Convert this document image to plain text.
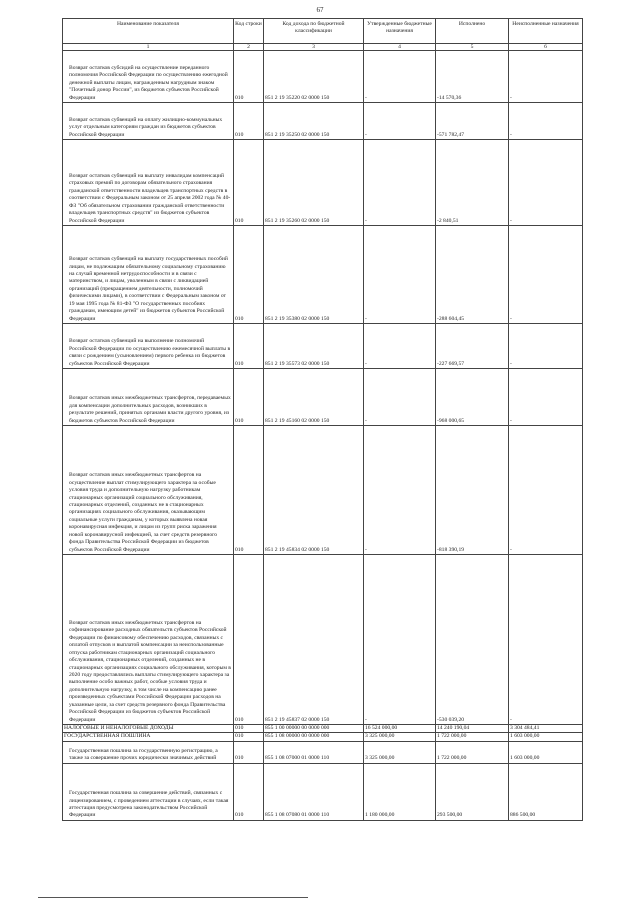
67
Наименование показателя	Код строки	Код дохода по бюджетной классификации	Утвержденные бюджетные назначения	Исполнено	Неисполненные назначения
1	2	3	4	5	6
Возврат остатков субсидий на осуществление переданного полномочия Российской Федерации по осуществлению ежегодной денежной выплаты лицам, награжденным нагрудным знаком "Почетный донор России", из бюджетов субъектов Российской Федерации	010	851 2 19 35220 02 0000 150	-	-14 570,36	-
Возврат остатков субвенций на оплату жилищно-коммунальных услуг отдельным категориям граждан из бюджетов субъектов Российской Федерации	010	851 2 19 35250 02 0000 150	-	-571 782,47	-
Возврат остатков субвенций на выплату инвалидам компенсаций страховых премий по договорам обязательного страхования гражданской ответственности владельцев транспортных средств в соответствии с Федеральным законом от 25 апреля 2002 года № 40-ФЗ "Об обязательном страховании гражданской ответственности владельцев транспортных средств" из бюджетов субъектов Российской Федерации	010	851 2 19 35260 02 0000 150	-	-2 840,51	-
Возврат остатков субвенций на выплату государственных пособий лицам, не подлежащим обязательному социальному страхованию на случай временной нетрудоспособности и в связи с материнством, и лицам, уволенным в связи с ликвидацией организаций (прекращением деятельности, полномочий физическими лицами), в соответствии с Федеральным законом от 19 мая 1995 года № 81-ФЗ "О государственных пособиях гражданам, имеющим детей" из бюджетов субъектов Российской Федерации	010	851 2 19 35380 02 0000 150	-	-288 604,45	-
Возврат остатков субвенций на выполнение полномочий Российской Федерации по осуществлению ежемесячной выплаты в связи с рождением (усыновлением) первого ребенка из бюджетов субъектов Российской Федерации	010	851 2 19 35573 02 0000 150	-	-227 669,57	-
Возврат остатков иных межбюджетных трансфертов, передаваемых для компенсации дополнительных расходов, возникших в результате решений, принятых органами власти другого уровня, из бюджетов субъектов Российской Федерации	010	851 2 19 45160 02 0000 150	-	-968 000,65	-
Возврат остатков иных межбюджетных трансфертов на осуществление выплат стимулирующего характера за особые условия труда и дополнительную нагрузку работникам стационарных организаций социального обслуживания, стационарных отделений, созданных не в стационарных организациях социального обслуживания, оказывающим социальные услуги гражданам, у которых выявлена новая коронавирусная инфекция, и лицам из групп риска заражения новой коронавирусной инфекцией, за счет средств резервного фонда Правительства Российской Федерации из бюджетов субъектов Российской Федерации	010	851 2 19 45834 02 0000 150	-	-818 390,19	-
Возврат остатков иных межбюджетных трансфертов на софинансирование расходных обязательств субъектов Российской Федерации по финансовому обеспечению расходов, связанных с оплатой отпусков и выплатой компенсации за неиспользованные отпуска работникам стационарных организаций социального обслуживания, стационарных отделений, созданных не в стационарных организациях социального обслуживания, которым в 2020 году предоставлялись выплаты стимулирующего характера за выполнение особо важных работ, особые условия труда и дополнительную нагрузку, в том числе на компенсацию ранее произведенных субъектами Российской Федерации расходов на указанные цели, за счет средств резервного фонда Правительства Российской Федерации из бюджетов субъектов Российской Федерации	010	851 2 19 45837 02 0000 150	-	-530 039,20	-
НАЛОГОВЫЕ И НЕНАЛОГОВЫЕ ДОХОДЫ	010	855 1 00 00000 00 0000 000	16 524 000,00	14 240 190,04	3 304 484,41
ГОСУДАРСТВЕННАЯ ПОШЛИНА	010	855 1 08 00000 00 0000 000	3 325 000,00	1 722 000,00	1 603 000,00
Государственная пошлина за государственную регистрацию, а также за совершение прочих юридически значимых действий	010	855 1 08 07000 01 0000 110	3 325 000,00	1 722 000,00	1 603 000,00
Государственная пошлина за совершение действий, связанных с лицензированием, с проведением аттестации в случаях, если такая аттестация предусмотрена законодательством Российской Федерации	010	855 1 08 07080 01 0000 110	1 180 000,00	293 500,00	886 500,00
